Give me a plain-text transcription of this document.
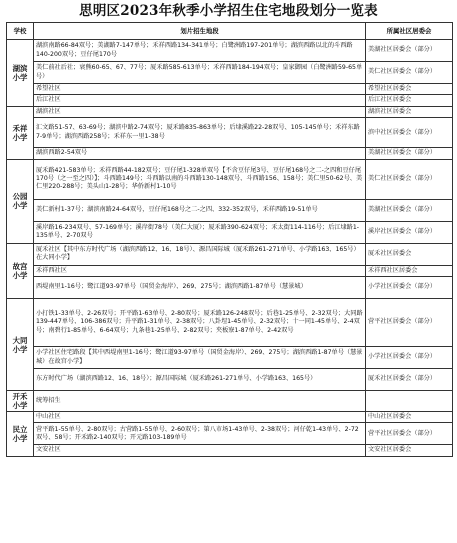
思明区2023年秋季小学招生住宅地段划分一览表
学校	划片招生地段	所属社区居委会
湖滨小学	湖滨南路66-84双号；美湖路7-147单号；禾祥西路134-341单号；白鹭洲路197-201单号；湖滨西路以北的斗西路140-200双号；豆仔尾170号	美湖社区居委会（部分）
	美仁前社后社；衰熊60-65、67、77号；厦禾路585-613单号；禾祥西路184-194双号；皇家御园（白鹭洲路59-65单号）	美仁社区居委会（部分）
	希望社区	希望社区居委会
	后江社区	后江社区居委会
禾祥小学	湖滨社区	湖滨社区居委会
	汇文路51-57、63-69号；湖滨中路2-74双号；厦禾路835-863单号；后埭溪路22-28双号、105-145单号；禾祥东路7-9单号；湖滨西路258号；禾祥东一里1-38号	滨中社区居委会（部分）
	湖滨西路2-54双号	美湖社区居委会（部分）
公园小学	厦禾路421-583单号；禾祥西路44-182双号；豆仔尾1-328单双号【不含豆仔尾3号、豆仔尾168号之二-之四和豆仔尾170号（之一至之四）】；斗西路149号；斗西路以南的斗西路130-148双号、斗西路156、158号；美仁里50-62号、美仁里220-288号；美头山1-28号；华侨新村1-10号	美仁社区居委会（部分）
	美仁新村1-37号；湖滨南路24-64双号，豆仔尾168号之二-之四、332-352双号，禾祥西路19-51单号	美湖社区居委会（部分）
	溪岸路16-234双号、57-169单号；溪岸街78号（美仁大厦）；厦禾路390-624双号；禾太街114-116号；后江埭路1-135单号、2-70双号	溪岸社区居委会（部分）
故宫小学	厦禾社区【其中东方时代广场（湖滨西路12、16、18号）、源昌国际城（厦禾路261-271单号、小学路163、165号）在大同小学】	厦禾社区居委会
	禾祥西社区	禾祥西社区居委会
	西堤南里1-16号；鹭江道93-97单号（国贸金海岸）、269、275号；湖滨西路1-87单号（慧景城）	小学社区居委会（部分）
大同小学	小打铁1-33单号、2-26双号；开平路1-63单号、2-80双号；厦禾路126-248双号；后巷1-25单号、2-32双号；大同路139-447单号、106-386双号；升平路1-31单号、2-38双号；八卦埕1-45单号、2-32双号；十一同1-45单号、2-4双号；南碧行1-85单号、6-64双号；九条巷1-25单号、2-82双号；夹板寮1-87单号、2-42双号	营平社区居委会（部分）
	小学社区住宅路段【其中西堤南里1-16号；鹭江道93-97单号（国贸金海岸）、269、275号；湖滨西路1-87单号（慧景城）在故宫小学】	小学社区居委会（部分）
	东方时代广场（湖滨西路12、16、18号）；源昌国际城（厦禾路261-271单号、小学路163、165号）	厦禾社区居委会（部分）
开禾小学	统筹招生	
民立小学	中山社区	中山社区居委会
	营平路1-55单号、2-80双号；古营路1-55单号、2-60双号；第八市场1-43单号、2-38双号；河仔乾1-43单号、2-72双号、58号；开禾路2-140双号；开元路103-189单号	营平社区居委会（部分）
	文安社区	文安社区居委会
